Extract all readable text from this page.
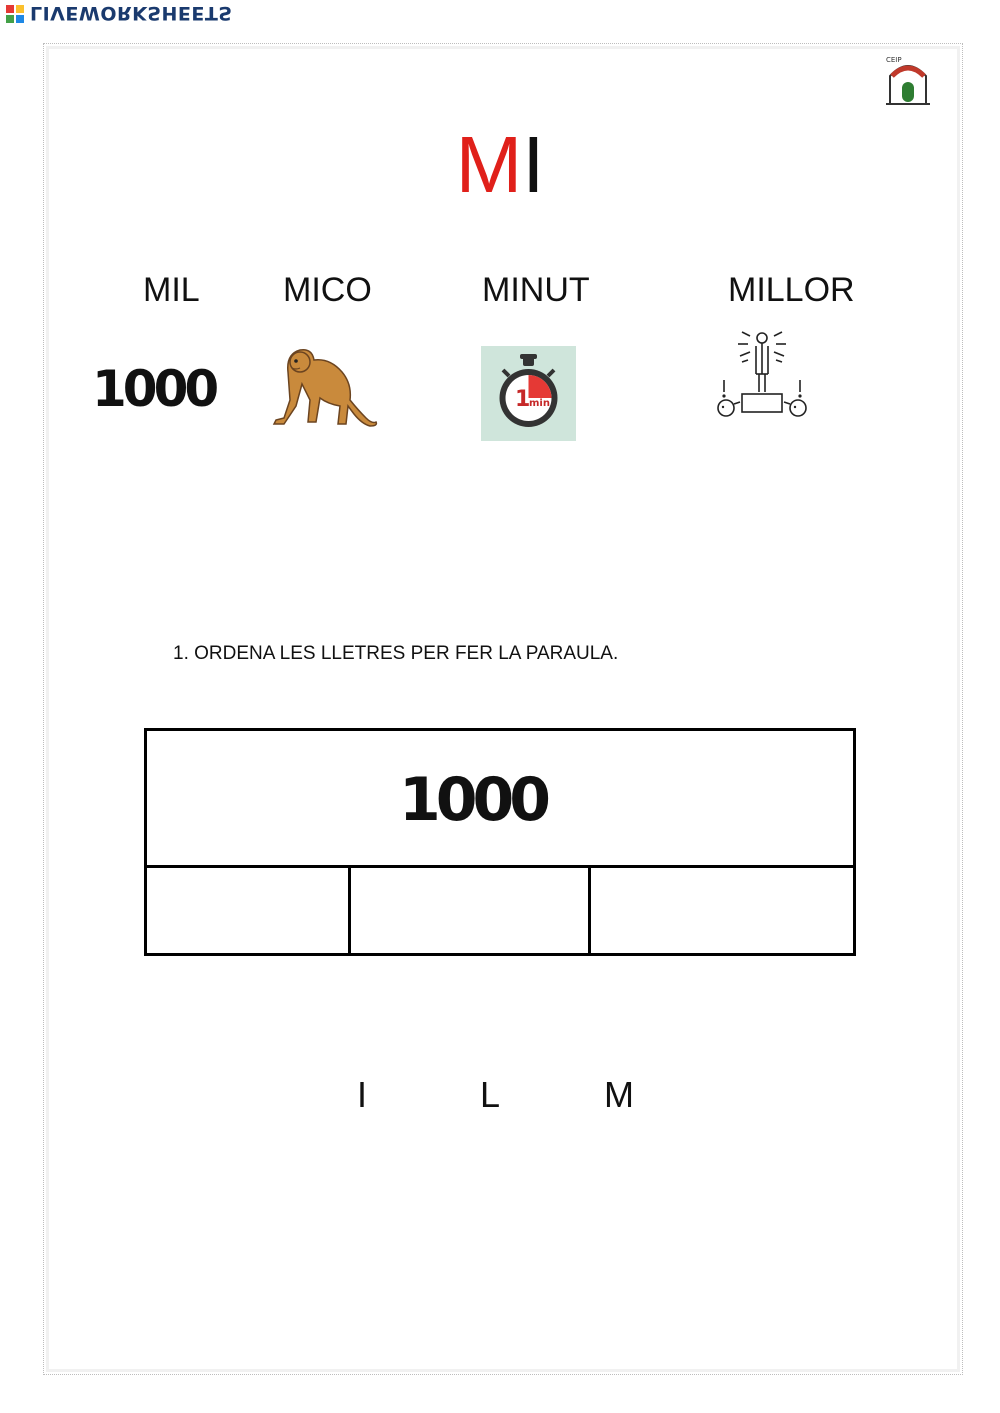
LIVEWORKSHEETS
CEIP
MI
MIL MICO	MINUT	MILLOR
1000	1
min
1. ORDENA LES LLETRES PER FER LA PARAULA.
1000
I	L	M
